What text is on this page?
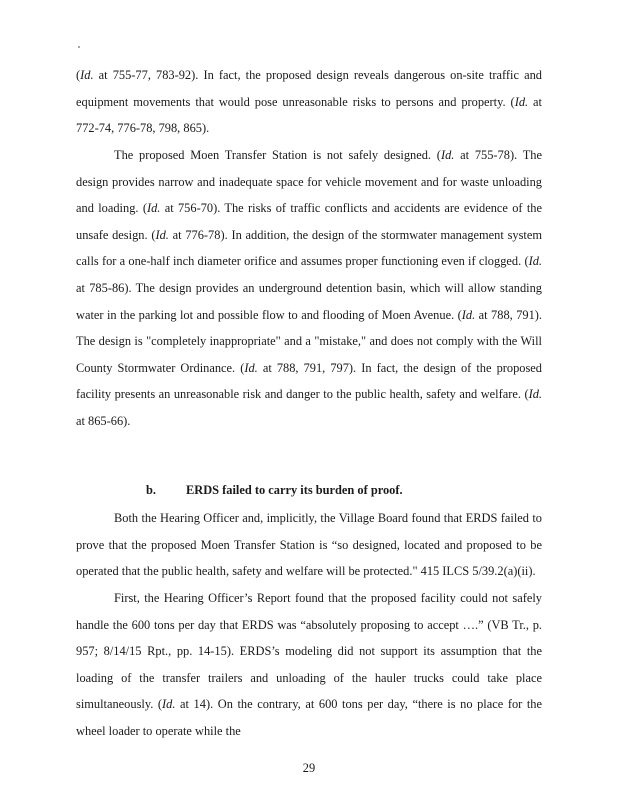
(Id. at 755-77, 783-92). In fact, the proposed design reveals dangerous on-site traffic and equipment movements that would pose unreasonable risks to persons and property. (Id. at 772-74, 776-78, 798, 865).
The proposed Moen Transfer Station is not safely designed. (Id. at 755-78). The design provides narrow and inadequate space for vehicle movement and for waste unloading and loading. (Id. at 756-70). The risks of traffic conflicts and accidents are evidence of the unsafe design. (Id. at 776-78). In addition, the design of the stormwater management system calls for a one-half inch diameter orifice and assumes proper functioning even if clogged. (Id. at 785-86). The design provides an underground detention basin, which will allow standing water in the parking lot and possible flow to and flooding of Moen Avenue. (Id. at 788, 791). The design is "completely inappropriate" and a "mistake," and does not comply with the Will County Stormwater Ordinance. (Id. at 788, 791, 797). In fact, the design of the proposed facility presents an unreasonable risk and danger to the public health, safety and welfare. (Id. at 865-66).
b. ERDS failed to carry its burden of proof.
Both the Hearing Officer and, implicitly, the Village Board found that ERDS failed to prove that the proposed Moen Transfer Station is “so designed, located and proposed to be operated that the public health, safety and welfare will be protected." 415 ILCS 5/39.2(a)(ii).
First, the Hearing Officer’s Report found that the proposed facility could not safely handle the 600 tons per day that ERDS was “absolutely proposing to accept ….” (VB Tr., p. 957; 8/14/15 Rpt., pp. 14-15). ERDS’s modeling did not support its assumption that the loading of the transfer trailers and unloading of the hauler trucks could take place simultaneously. (Id. at 14). On the contrary, at 600 tons per day, “there is no place for the wheel loader to operate while the
29
